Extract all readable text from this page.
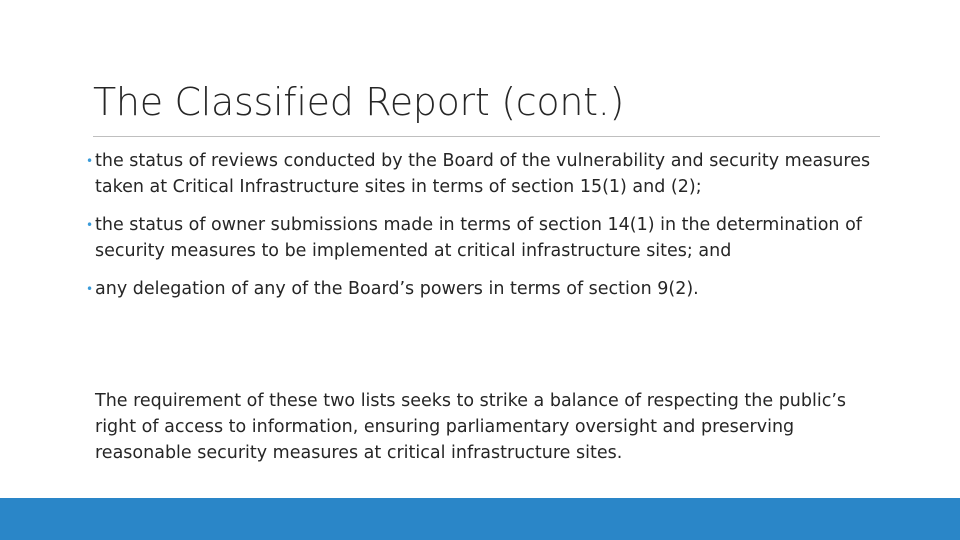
The Classified Report (cont.)
• the status of reviews conducted by the Board of the vulnerability and security measures taken at Critical Infrastructure sites in terms of section 15(1) and (2);
• the status of owner submissions made in terms of section 14(1) in the determination of security measures to be implemented at critical infrastructure sites; and
• any delegation of any of the Board’s powers in terms of section 9(2).

The requirement of these two lists seeks to strike a balance of respecting the public’s right of access to information, ensuring parliamentary oversight and preserving reasonable security measures at critical infrastructure sites.
